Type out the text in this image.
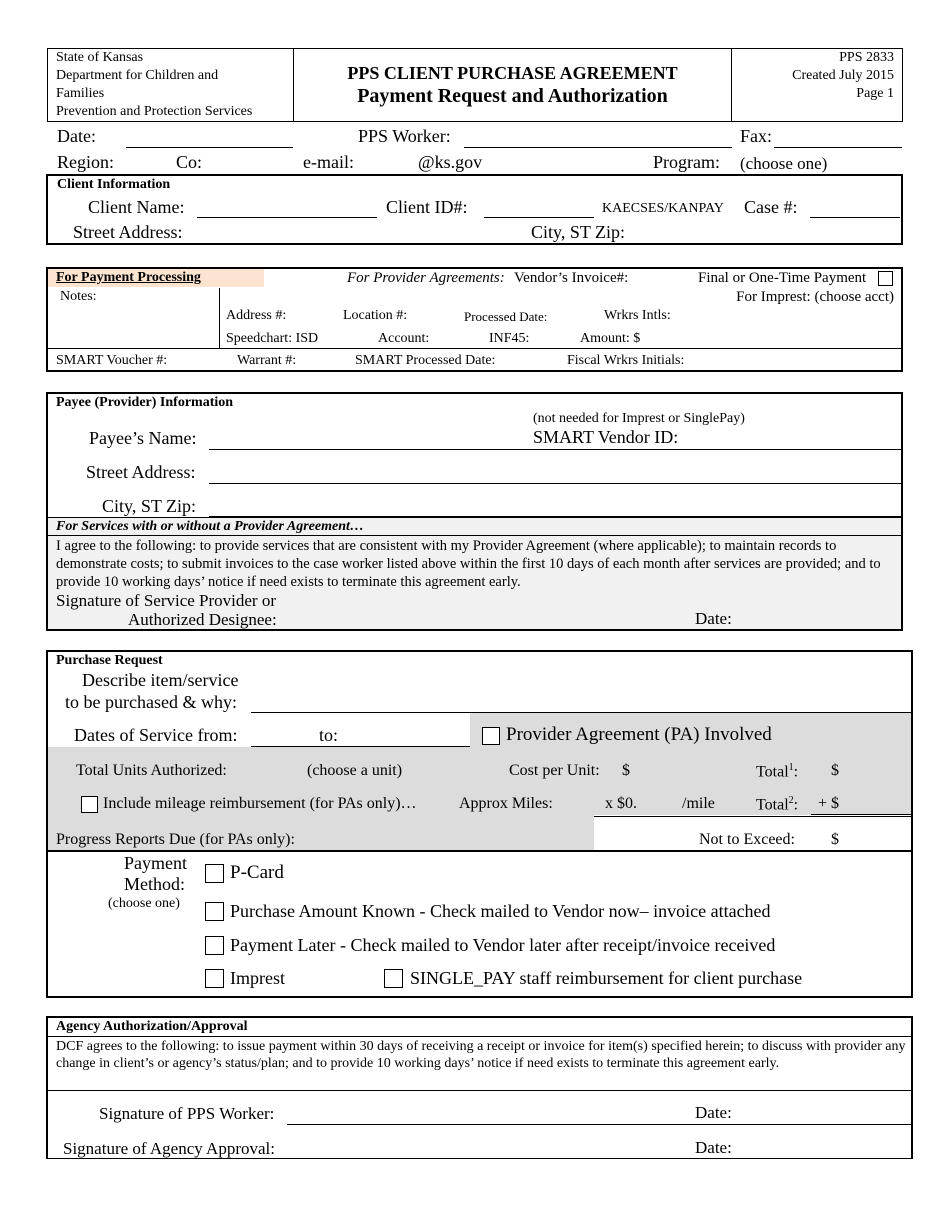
State of Kansas
Department for Children and
Families
Prevention and Protection Services
PPS CLIENT PURCHASE AGREEMENT
Payment Request and Authorization
PPS 2833
Created July 2015
Page 1
Date:	PPS Worker:	Fax:
Region:	Co:	e-mail:	@ks.gov	Program: (choose one)
Client Information
Client Name:	Client ID#:	KAECSES/KANPAY Case #:
Street Address:	City, ST Zip:
For Payment Processing	For Provider Agreements: Vendor’s Invoice#:	Final or One-Time Payment
Notes:	For Imprest: (choose acct)
Address #:	Location #:	Processed Date:	Wrkrs Intls:
Speedchart: ISD	Account:	INF45:	Amount: $
SMART Voucher #:	Warrant #:	SMART Processed Date:	Fiscal Wrkrs Initials:
Payee (Provider) Information
(not needed for Imprest or SinglePay)
SMART Vendor ID:
Payee’s Name:
Street Address:
City, ST Zip:
For Services with or without a Provider Agreement…
I agree to the following: to provide services that are consistent with my Provider Agreement (where applicable); to maintain records to demonstrate costs; to submit invoices to the case worker listed above within the first 10 days of each month after services are provided; and to provide 10 working days’ notice if need exists to terminate this agreement early.
Signature of Service Provider or
Authorized Designee:	Date:
Purchase Request
Describe item/service
to be purchased & why:
Dates of Service from:	to:	Provider Agreement (PA) Involved
Total Units Authorized:	(choose a unit)	Cost per Unit: $	Total$^1$: $
Include mileage reimbursement (for PAs only)…	Approx Miles:	x $0.	/mile	Total$^2$: + $
Progress Reports Due (for PAs only):	Not to Exceed: $
Payment
Method:
(choose one)
P-Card
Purchase Amount Known - Check mailed to Vendor now– invoice attached
Payment Later - Check mailed to Vendor later after receipt/invoice received
Imprest	SINGLE_PAY staff reimbursement for client purchase
Agency Authorization/Approval
DCF agrees to the following: to issue payment within 30 days of receiving a receipt or invoice for item(s) specified herein; to discuss with provider any change in client’s or agency’s status/plan; and to provide 10 working days’ notice if need exists to terminate this agreement early.
Signature of PPS Worker:	Date:
Signature of Agency Approval:	Date:
